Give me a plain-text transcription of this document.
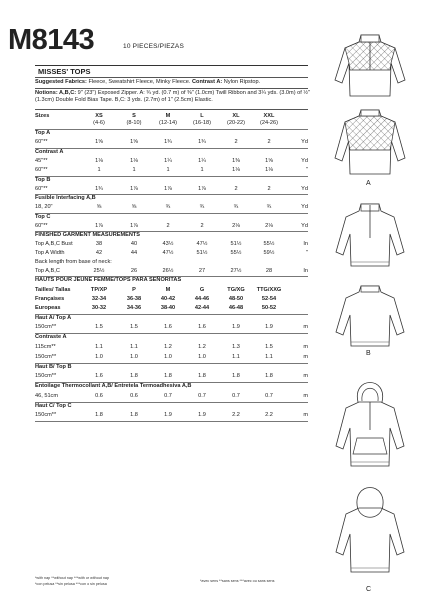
M8143	10 PIECES/PIEZAS
MISSES' TOPS
Suggested Fabrics: Fleece, Sweatshirt Fleece, Minky Fleece. Contrast A: Nylon Ripstop.
Notions: A,B,C: 9" (23") Exposed Zipper. A: ¾ yd. (0.7 m) of ⅜" (1.0cm) Twill Ribbon and 3¼ yds. (3.0m) of ½" (1.3cm) Double Fold Bias Tape. B,C: 3 yds. (2.7m) of 1" (2.5cm) Elastic.
Sizes	XS	S	M	L	XL	XXL
(4-6)	(8-10)	(12-14)	(16-18)	(20-22)	(24-26)
Top A
60"**	1⅝	1⅝	1¾	1¾	2	2	Yd
Contrast A
45"**	1⅛	1⅛	1¼	1¼	1⅜	1⅝	Yd
60"**	1	1	1	1	1⅛	1⅛	"
Top B
60"**	1¾	1⅞	1⅞	1⅞	2	2	Yd
Fusible Interfacing A,B
18, 20"	⅝	⅝	¾	¾	¾	¾	Yd
Top C
60"**	1⅞	1⅞	2	2	2⅛	2⅛	Yd
FINISHED GARMENT MEASUREMENTS
Top A,B,C Bust	38	40	43½	47½	51½	55½	In
Top A Width	42	44	47½	51½	55½	59½	"
Back length from base of neck:
Top A,B,C	25½	26	26½	27	27½	28	In
HAUTS POUR JEUNE FEMME/TOPS PARA SEÑORITAS
Tailles/ Tallas	TP/XP	P	M	G	TG/XG TTG/XXG
Françaises	32-34	36-38	40-42	44-46	48-50	52-54
Europeas	30-32	34-36	38-40	42-44	46-48	50-52
Haut A/ Top A
150cm**	1.5	1.5	1.6	1.6	1.9	1.9	m
Contraste A
115cm**	1.1	1.1	1.2	1.2	1.3	1.5	m
150cm**	1.0	1.0	1.0	1.0	1.1	1.1	m
Haut B/ Top B
150cm**	1.6	1.8	1.8	1.8	1.8	1.8	m
Entoilage Thermocollant A,B/ Entretela Termoadhesiva A,B
46, 51cm	0.6	0.6	0.7	0.7	0.7	0.7	m
Haut C/ Top C
150cm**	1.8	1.8	1.9	1.9	2.2	2.2	m
*with nap **without nap ***with or without nap
*con pelusa **sin pelusa ***con o sin pelusa
*avec sens **sans sens ***avec ou sans sens
A
B
C
